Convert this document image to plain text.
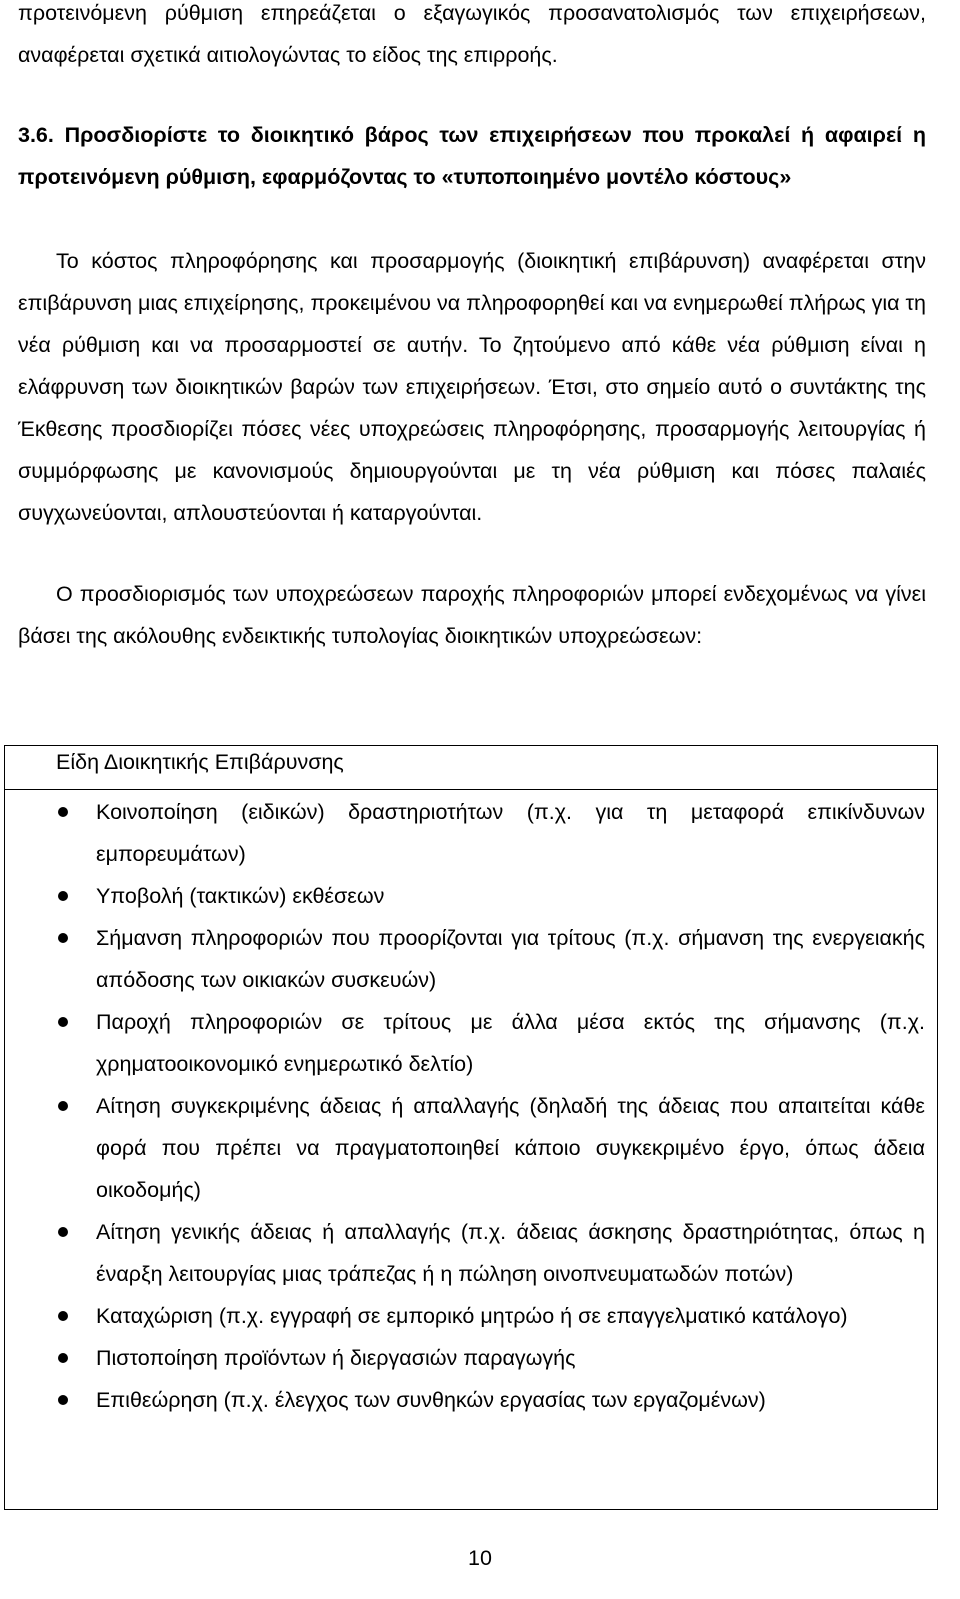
προτεινόμενη ρύθμιση επηρεάζεται ο εξαγωγικός προσανατολισμός των επιχειρήσεων, αναφέρεται σχετικά αιτιολογώντας το είδος της επιρροής.

3.6. Προσδιορίστε το διοικητικό βάρος των επιχειρήσεων που προκαλεί ή αφαιρεί η προτεινόμενη ρύθμιση, εφαρμόζοντας το «τυποποιημένο μοντέλο κόστους»

Το κόστος πληροφόρησης και προσαρμογής (διοικητική επιβάρυνση) αναφέρεται στην επιβάρυνση μιας επιχείρησης, προκειμένου να πληροφορηθεί και να ενημερωθεί πλήρως για τη νέα ρύθμιση και να προσαρμοστεί σε αυτήν. Το ζητούμενο από κάθε νέα ρύθμιση είναι η ελάφρυνση των διοικητικών βαρών των επιχειρήσεων. Έτσι, στο σημείο αυτό ο συντάκτης της Έκθεσης προσδιορίζει πόσες νέες υποχρεώσεις πληροφόρησης, προσαρμογής λειτουργίας ή συμμόρφωσης με κανονισμούς δημιουργούνται με τη νέα ρύθμιση και πόσες παλαιές συγχωνεύονται, απλουστεύονται ή καταργούνται.

Ο προσδιορισμός των υποχρεώσεων παροχής πληροφοριών μπορεί ενδεχομένως να γίνει βάσει της ακόλουθης ενδεικτικής τυπολογίας διοικητικών υποχρεώσεων:

Είδη Διοικητικής Επιβάρυνσης
Κοινοποίηση (ειδικών) δραστηριοτήτων (π.χ. για τη μεταφορά επικίνδυνων εμπορευμάτων)
Υποβολή (τακτικών) εκθέσεων
Σήμανση πληροφοριών που προορίζονται για τρίτους (π.χ. σήμανση της ενεργειακής απόδοσης των οικιακών συσκευών)
Παροχή πληροφοριών σε τρίτους με άλλα μέσα εκτός της σήμανσης (π.χ. χρηματοοικονομικό ενημερωτικό δελτίο)
Αίτηση συγκεκριμένης άδειας ή απαλλαγής (δηλαδή της άδειας που απαιτείται κάθε φορά που πρέπει να πραγματοποιηθεί κάποιο συγκεκριμένο έργο, όπως άδεια οικοδομής)
Αίτηση γενικής άδειας ή απαλλαγής (π.χ. άδειας άσκησης δραστηριότητας, όπως η έναρξη λειτουργίας μιας τράπεζας ή η πώληση οινοπνευματωδών ποτών)
Καταχώριση (π.χ. εγγραφή σε εμπορικό μητρώο ή σε επαγγελματικό κατάλογο)
Πιστοποίηση προϊόντων ή διεργασιών παραγωγής
Επιθεώρηση (π.χ. έλεγχος των συνθηκών εργασίας των εργαζομένων)
10
